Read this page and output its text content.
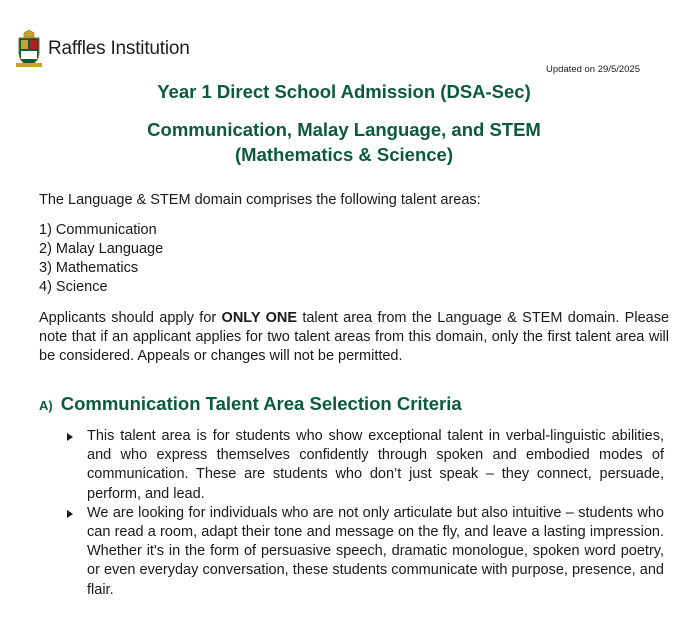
Raffles Institution
Updated on 29/5/2025
Year 1 Direct School Admission (DSA-Sec)
Communication, Malay Language, and STEM
(Mathematics & Science)
The Language & STEM domain comprises the following talent areas:
1) Communication
2) Malay Language
3) Mathematics
4) Science
Applicants should apply for ONLY ONE talent area from the Language & STEM domain. Please note that if an applicant applies for two talent areas from this domain, only the first talent area will be considered. Appeals or changes will not be permitted.
A) Communication Talent Area Selection Criteria
This talent area is for students who show exceptional talent in verbal-linguistic abilities, and who express themselves confidently through spoken and embodied modes of communication. These are students who don’t just speak – they connect, persuade, perform, and lead.
We are looking for individuals who are not only articulate but also intuitive – students who can read a room, adapt their tone and message on the fly, and leave a lasting impression. Whether it's in the form of persuasive speech, dramatic monologue, spoken word poetry, or even everyday conversation, these students communicate with purpose, presence, and flair.
